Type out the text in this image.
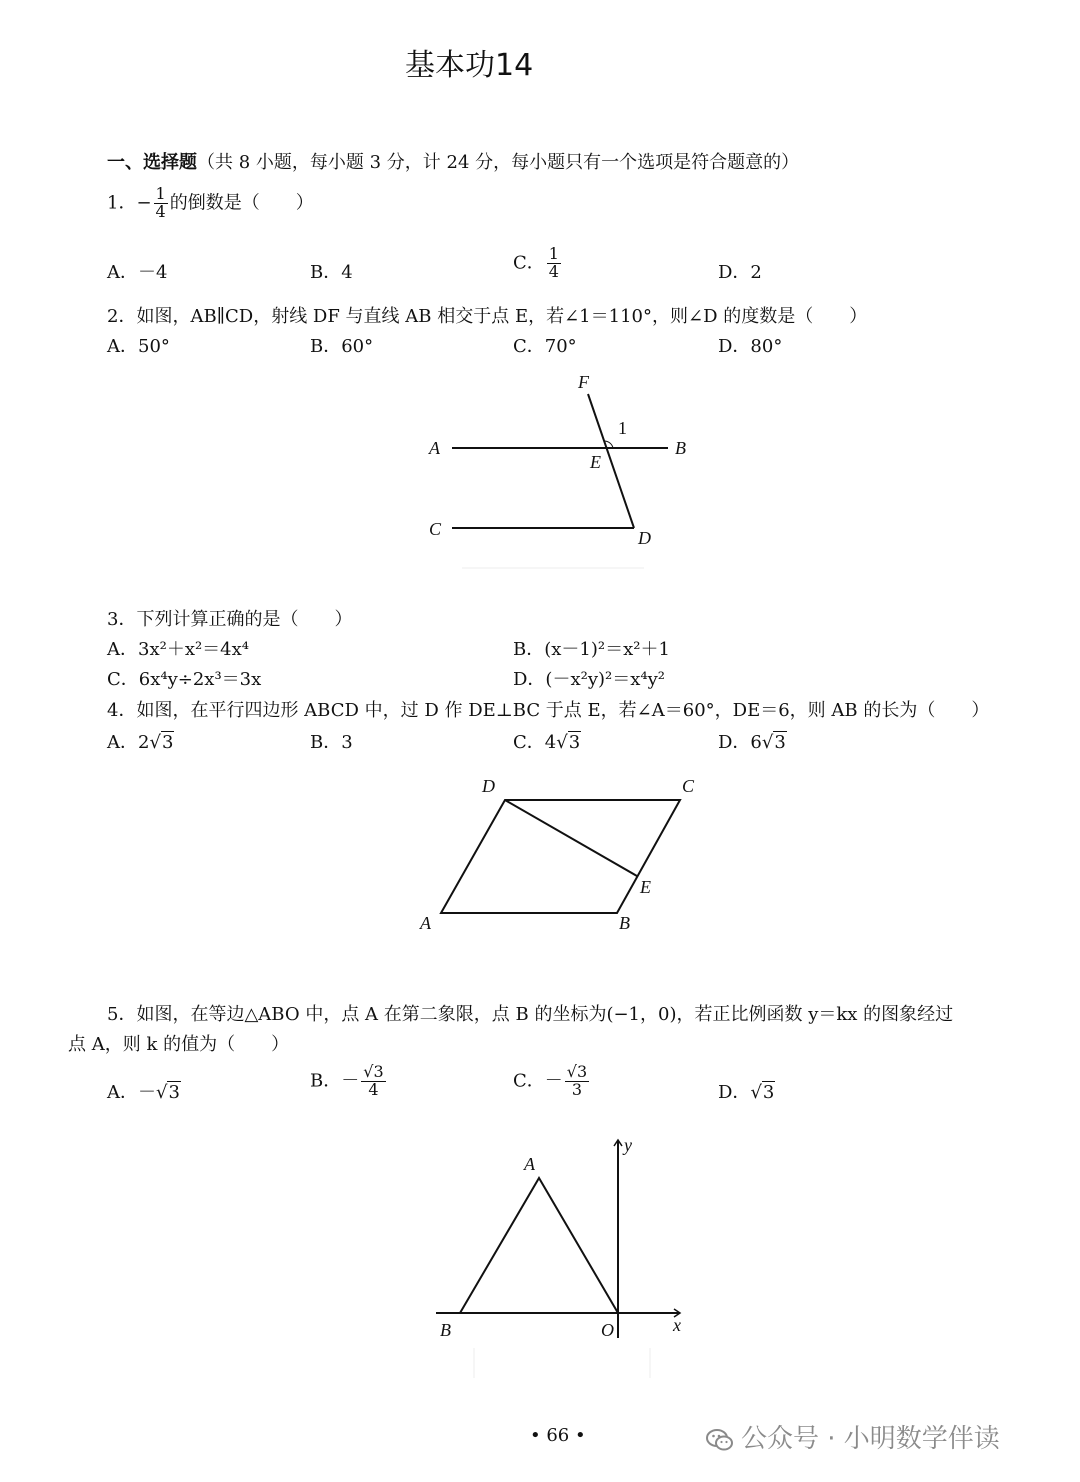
基本功14
一、选择题（共 8 小题，每小题 3 分，计 24 分，每小题只有一个选项是符合题意的）
1．− $\frac{1}{4}$ 的倒数是（　　）
A．－4	B．4	C． $\frac{1}{4}$	D．2
2．如图，AB∥CD，射线 DF 与直线 AB 相交于点 E，若∠1＝110°，则∠D 的度数是（　　）
A．50°	B．60°	C．70°	D．80°
F
A
E
B
1
C	D
3．下列计算正确的是（　　）
A．3x²＋x²＝4x⁴	B．(x－1)²＝x²＋1
C．6x⁴y÷2x³＝3x	D．(－x²y)²＝x⁴y²
4．如图，在平行四边形 ABCD 中，过 D 作 DE⊥BC 于点 E，若∠A＝60°，DE＝6，则 AB 的长为（　　）
A．2√3	B．3	C．4√3	D．6√3
D	C
E
A	B
5．如图，在等边△ABO 中，点 A 在第二象限，点 B 的坐标为(−1，0)，若正比例函数 y＝kx 的图象经过
点 A，则 k 的值为（　　）
A．－√3
B．－ $\frac{√3}{4}$	C．－ $\frac{√3}{3}$	D．√3
y
A
B	O	x
• 66 •	公众号 · 小明数学伴读
